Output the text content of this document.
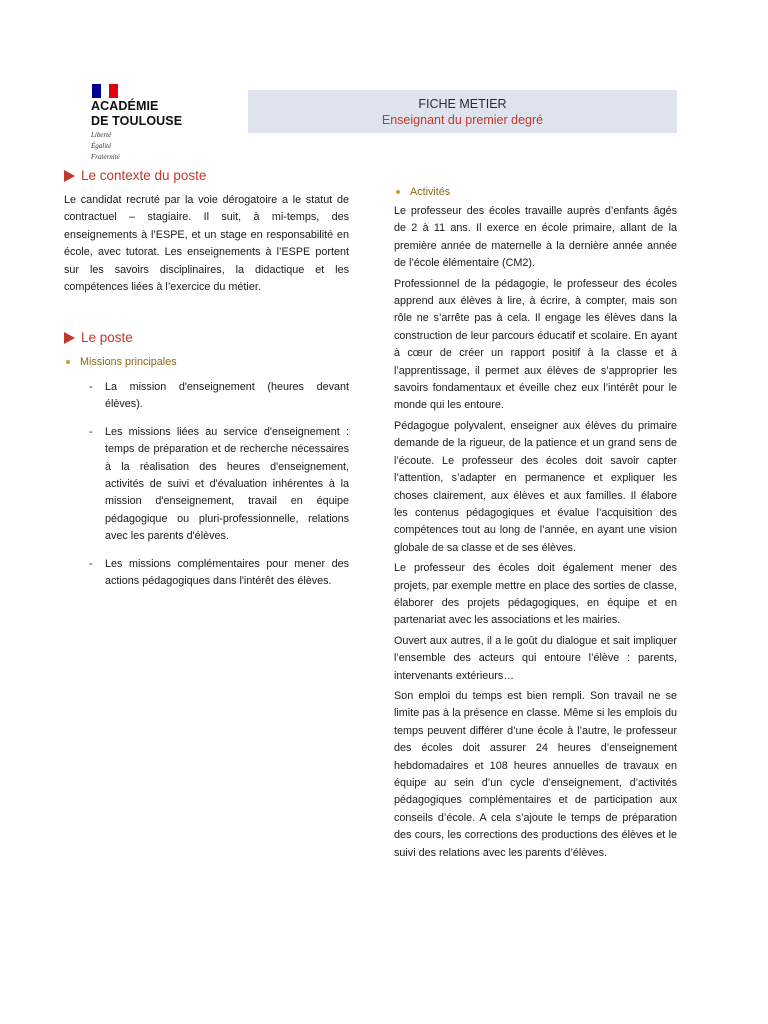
ACADÉMIE
DE TOULOUSE
Liberté
Égalité
Fraternité
FICHE METIER
Enseignant du premier degré
Le contexte du poste

Le candidat recruté par la voie dérogatoire a le statut de contractuel – stagiaire. Il suit, à mi-temps, des enseignements à l’ESPE, et un stage en responsabilité en école, avec tutorat. Les enseignements à l’ESPE portent sur les savoirs disciplinaires, la didactique et les compétences liées à l’exercice du métier.

Le poste
Missions principales
- La mission d'enseignement (heures devant élèves).
- Les missions liées au service d'enseignement : temps de préparation et de recherche nécessaires à la réalisation des heures d'enseignement, activités de suivi et d'évaluation inhérentes à la mission d'enseignement, travail en équipe pédagogique ou pluri-professionnelle, relations avec les parents d'élèves.
- Les missions complémentaires pour mener des actions pédagogiques dans l'intérêt des élèves.
Activités

Le professeur des écoles travaille auprès d’enfants âgés de 2 à 11 ans. Il exerce en école primaire, allant de la première année de maternelle à la dernière année année de l’école élémentaire (CM2).

Professionnel de la pédagogie, le professeur des écoles apprend aux élèves à lire, à écrire, à compter, mais son rôle ne s’arrête pas à cela. Il engage les élèves dans la construction de leur parcours éducatif et scolaire. En ayant à cœur de créer un rapport positif à la classe et à l’apprentissage, il permet aux élèves de s’approprier les savoirs fondamentaux et éveille chez eux l’intérêt pour le monde qui les entoure.

Pédagogue polyvalent, enseigner aux élèves du primaire demande de la rigueur, de la patience et un grand sens de l’écoute. Le professeur des écoles doit savoir capter l’attention, s’adapter en permanence et expliquer les choses clairement, aux élèves et aux familles. Il élabore les contenus pédagogiques et évalue l’acquisition des compétences tout au long de l’année, en ayant une vision globale de sa classe et de ses élèves.

Le professeur des écoles doit également mener des projets, par exemple mettre en place des sorties de classe, élaborer des projets pédagogiques, en équipe et en partenariat avec les associations et les mairies.

Ouvert aux autres, il a le goût du dialogue et sait impliquer l’ensemble des acteurs qui entoure l’élève : parents, intervenants extérieurs…

Son emploi du temps est bien rempli. Son travail ne se limite pas à la présence en classe. Même si les emplois du temps peuvent différer d’une école à l’autre, le professeur des écoles doit assurer 24 heures d’enseignement hebdomadaires et 108 heures annuelles de travaux en équipe au sein d’un cycle d’enseignement, d’activités pédagogiques complémentaires et de participation aux conseils d’école. A cela s’ajoute le temps de préparation des cours, les corrections des productions des élèves et le suivi des relations avec les parents d’élèves.
